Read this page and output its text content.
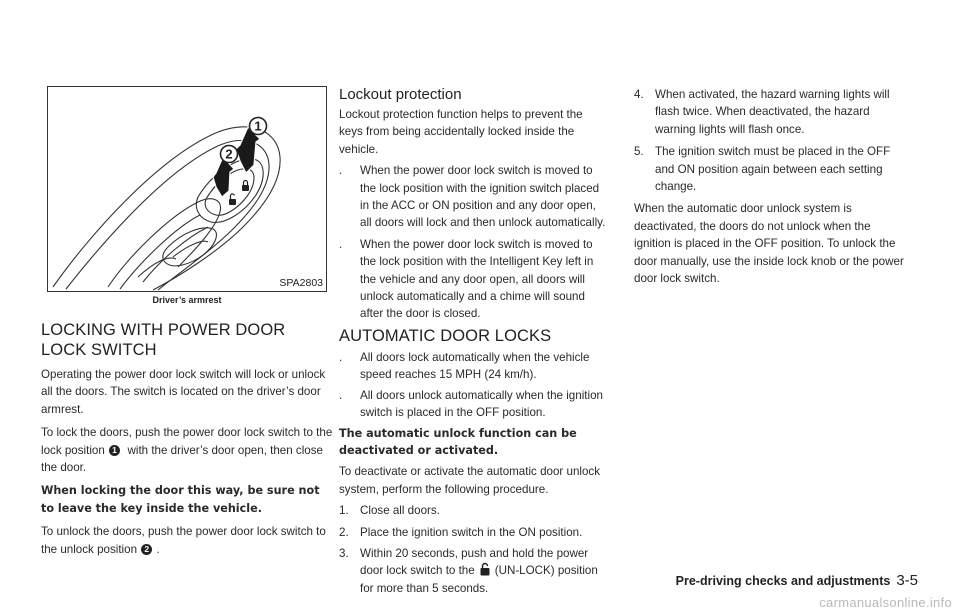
1
2
SPA2803
Driver’s armrest
LOCKING WITH POWER DOOR LOCK SWITCH

Operating the power door lock switch will lock or unlock all the doors. The switch is located on the driver’s door armrest.

To lock the doors, push the power door lock switch to the lock position 1 with the driver’s door open, then close the door.

When locking the door this way, be sure not to leave the key inside the vehicle.

To unlock the doors, push the power door lock switch to the unlock position 2 .

Lockout protection

Lockout protection function helps to prevent the keys from being accidentally locked inside the vehicle.

. When the power door lock switch is moved to the lock position with the ignition switch placed in the ACC or ON position and any door open, all doors will lock and then unlock automatically.
. When the power door lock switch is moved to the lock position with the Intelligent Key left in the vehicle and any door open, all doors will unlock automatically and a chime will sound after the door is closed.
AUTOMATIC DOOR LOCKS
. All doors lock automatically when the vehicle speed reaches 15 MPH (24 km/h).
. All doors unlock automatically when the ignition switch is placed in the OFF position.

The automatic unlock function can be deactivated or activated.

To deactivate or activate the automatic door unlock system, perform the following procedure.

1. Close all doors.
2. Place the ignition switch in the ON position.
3. Within 20 seconds, push and hold the power door lock switch to the (UN-LOCK) position for more than 5 seconds.
4. When activated, the hazard warning lights will flash twice. When deactivated, the hazard warning lights will flash once.
5. The ignition switch must be placed in the OFF and ON position again between each setting change.

When the automatic door unlock system is deactivated, the doors do not unlock when the ignition is placed in the OFF position. To unlock the door manually, use the inside lock knob or the power door lock switch.

Pre-driving checks and adjustments 3-5
carmanualsonline.info
